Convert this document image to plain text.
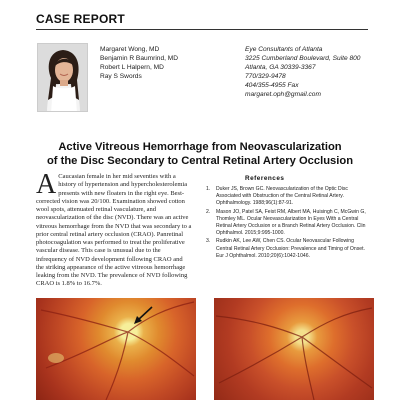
CASE REPORT
Margaret Wong, MD
Benjamin R Baumrind, MD
Robert L Halpern, MD
Ray S Swords
Eye Consultants of Atlanta
3225 Cumberland Boulevard, Suite 800
Atlanta, GA 30339-3367
770/329-9478
404/355-4955 Fax
margaret.oph@gmail.com
Active Vitreous Hemorrhage from Neovascularization
of the Disc Secondary to Central Retinal Artery Occlusion
A Caucasian female in her mid seventies with a history of hypertension and hypercholesterolemia presents with new floaters in the right eye. Best-corrected vision was 20/100. Examination showed cotton wool spots, attenuated retinal vasculature, and neovascularization of the disc (NVD). There was an active vitreous hemorrhage from the NVD that was secondary to a prior central retinal artery occlusion (CRAO). Panretinal photocoagulation was performed to treat the proliferative vascular disease. This case is unusual due to the infrequency of NVD development following CRAO and the striking appearance of the active vitreous hemorrhage leaking from the NVD. The prevalence of NVD following CRAO is 1.8% to 16.7%.
References
1. Duker JS, Brown GC. Neovascularization of the Optic Disc Associated with Obstruction of the Central Retinal Artery. Ophthalmology. 1988;96(1):87-91.
2. Mason JO, Patel SA, Feist RM, Albert MA, Huisingh C, McGwin G, Thomley ML. Ocular Neovascularization In Eyes With a Central Retinal Artery Occlusion or a Branch Retinal Artery Occlusion. Clin Ophthalmol. 2015;9:995-1000.
3. Rudkin AK, Lee AW, Chen CS. Ocular Neovascular Following Central Retinal Artery Occlusion: Prevalence and Timing of Onset. Eur J Ophthalmol. 2010;20(6):1042-1046.
